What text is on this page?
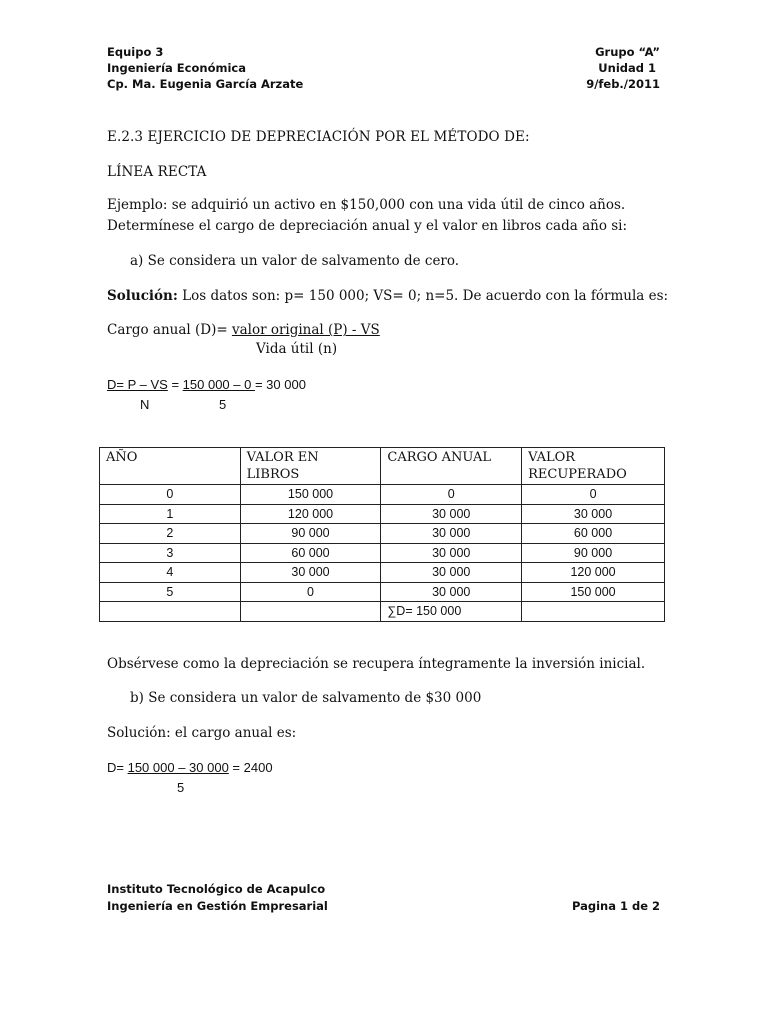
Equipo 3
Ingeniería Económica
Cp. Ma. Eugenia García Arzate
Grupo “A”
Unidad 1
9/feb./2011
E.2.3 EJERCICIO DE DEPRECIACIÓN POR EL MÉTODO DE:
LÍNEA RECTA
Ejemplo: se adquirió un activo en $150,000 con una vida útil de cinco años.
Determínese el cargo de depreciación anual y el valor en libros cada año si:
a) Se considera un valor de salvamento de cero.
Solución: Los datos son: p= 150 000; VS= 0; n=5. De acuerdo con la fórmula es:
Cargo anual (D)= valor original (P) - VS
Vida útil (n)
D= P – VS = 150 000 – 0 = 30 000
N	5
AÑO	VALOR EN LIBROS	CARGO ANUAL	VALOR RECUPERADO
0	150 000	0	0
1	120 000	30 000	30 000
2	90 000	30 000	60 000
3	60 000	30 000	90 000
4	30 000	30 000	120 000
5	0	30 000	150 000
		∑D= 150 000	
Obsérvese como la depreciación se recupera íntegramente la inversión inicial.
b) Se considera un valor de salvamento de $30 000
Solución: el cargo anual es:
D= 150 000 – 30 000 = 2400
5
Instituto Tecnológico de Acapulco
Ingeniería en Gestión Empresarial	Pagina 1 de 2
